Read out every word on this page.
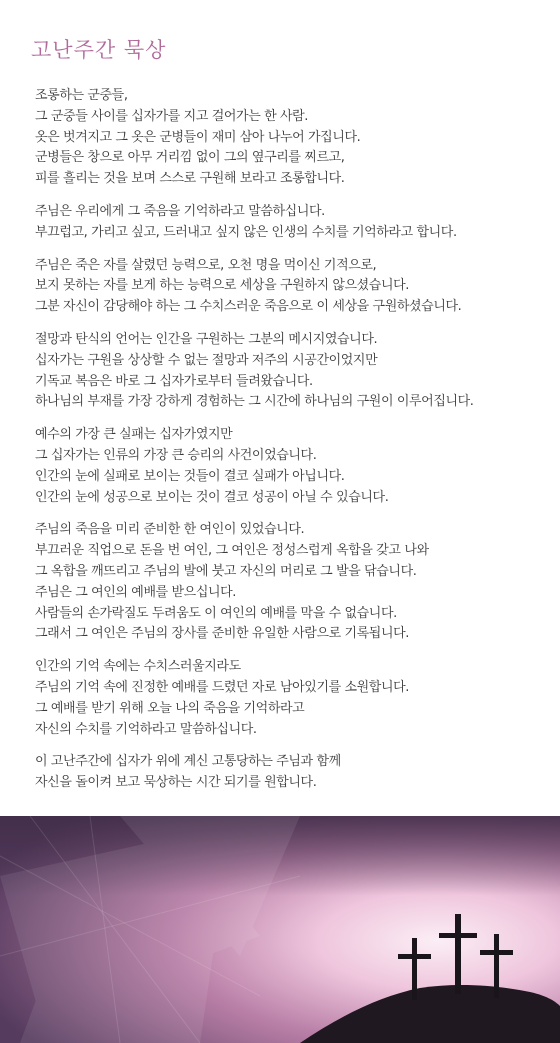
고난주간 묵상

조롱하는 군중들,
그 군중들 사이를 십자가를 지고 걸어가는 한 사람.
옷은 벗겨지고 그 옷은 군병들이 재미 삼아 나누어 가집니다.
군병들은 창으로 아무 거리낌 없이 그의 옆구리를 찌르고,
피를 흘리는 것을 보며 스스로 구원해 보라고 조롱합니다.

주님은 우리에게 그 죽음을 기억하라고 말씀하십니다.
부끄럽고, 가리고 싶고, 드러내고 싶지 않은 인생의 수치를 기억하라고 합니다.

주님은 죽은 자를 살렸던 능력으로, 오천 명을 먹이신 기적으로,
보지 못하는 자를 보게 하는 능력으로 세상을 구원하지 않으셨습니다.
그분 자신이 감당해야 하는 그 수치스러운 죽음으로 이 세상을 구원하셨습니다.

절망과 탄식의 언어는 인간을 구원하는 그분의 메시지였습니다.
십자가는 구원을 상상할 수 없는 절망과 저주의 시공간이었지만
기독교 복음은 바로 그 십자가로부터 들려왔습니다.
하나님의 부재를 가장 강하게 경험하는 그 시간에 하나님의 구원이 이루어집니다.

예수의 가장 큰 실패는 십자가였지만
그 십자가는 인류의 가장 큰 승리의 사건이었습니다.
인간의 눈에 실패로 보이는 것들이 결코 실패가 아닙니다.
인간의 눈에 성공으로 보이는 것이 결코 성공이 아닐 수 있습니다.

주님의 죽음을 미리 준비한 한 여인이 있었습니다.
부끄러운 직업으로 돈을 번 여인, 그 여인은 정성스럽게 옥합을 갖고 나와
그 옥합을 깨뜨리고 주님의 발에 붓고 자신의 머리로 그 발을 닦습니다.
주님은 그 여인의 예배를 받으십니다.
사람들의 손가락질도 두려움도 이 여인의 예배를 막을 수 없습니다.
그래서 그 여인은 주님의 장사를 준비한 유일한 사람으로 기록됩니다.

인간의 기억 속에는 수치스러울지라도
주님의 기억 속에 진정한 예배를 드렸던 자로 남아있기를 소원합니다.
그 예배를 받기 위해 오늘 나의 죽음을 기억하라고
자신의 수치를 기억하라고 말씀하십니다.

이 고난주간에 십자가 위에 계신 고통당하는 주님과 함께
자신을 돌이켜 보고 묵상하는 시간 되기를 원합니다.
